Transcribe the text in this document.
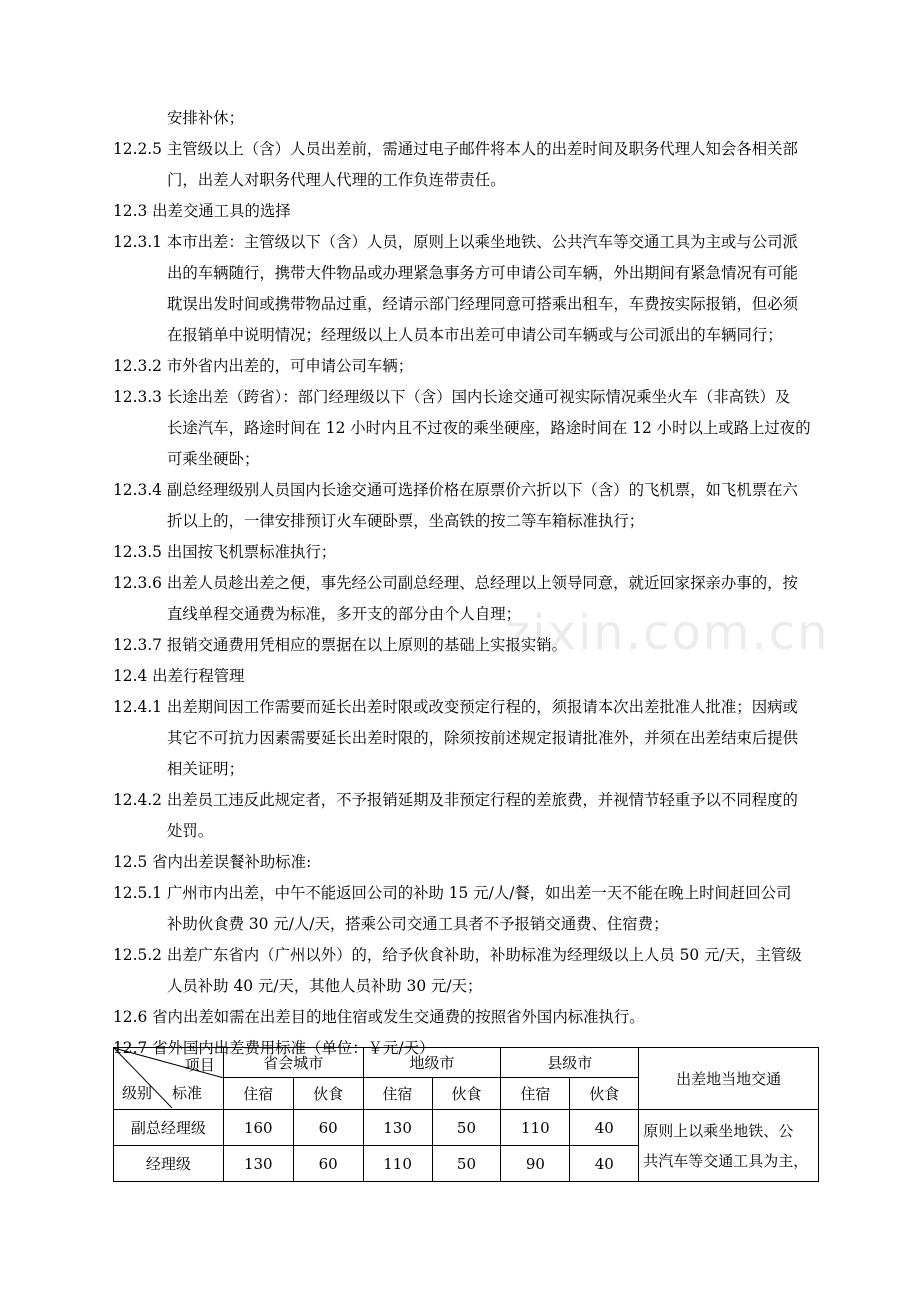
zixin.com.cn
安排补休；
12.2.5 主管级以上（含）人员出差前，需通过电子邮件将本人的出差时间及职务代理人知会各相关部
门，出差人对职务代理人代理的工作负连带责任。
12.3 出差交通工具的选择
12.3.1 本市出差：主管级以下（含）人员，原则上以乘坐地铁、公共汽车等交通工具为主或与公司派
出的车辆随行，携带大件物品或办理紧急事务方可申请公司车辆，外出期间有紧急情况有可能
耽误出发时间或携带物品过重，经请示部门经理同意可搭乘出租车，车费按实际报销，但必须
在报销单中说明情况；经理级以上人员本市出差可申请公司车辆或与公司派出的车辆同行；
12.3.2 市外省内出差的，可申请公司车辆；
12.3.3 长途出差（跨省）：部门经理级以下（含）国内长途交通可视实际情况乘坐火车（非高铁）及
长途汽车，路途时间在 12 小时内且不过夜的乘坐硬座，路途时间在 12 小时以上或路上过夜的
可乘坐硬卧；
12.3.4 副总经理级别人员国内长途交通可选择价格在原票价六折以下（含）的飞机票，如飞机票在六
折以上的，一律安排预订火车硬卧票，坐高铁的按二等车箱标准执行；
12.3.5 出国按飞机票标准执行；
12.3.6 出差人员趁出差之便，事先经公司副总经理、总经理以上领导同意，就近回家探亲办事的，按
直线单程交通费为标准，多开支的部分由个人自理；
12.3.7 报销交通费用凭相应的票据在以上原则的基础上实报实销。
12.4 出差行程管理
12.4.1 出差期间因工作需要而延长出差时限或改变预定行程的，须报请本次出差批准人批准；因病或
其它不可抗力因素需要延长出差时限的，除须按前述规定报请批准外，并须在出差结束后提供
相关证明；
12.4.2 出差员工违反此规定者，不予报销延期及非预定行程的差旅费，并视情节轻重予以不同程度的
处罚。
12.5 省内出差误餐补助标准:
12.5.1 广州市内出差，中午不能返回公司的补助 15 元/人/餐，如出差一天不能在晚上时间赶回公司
补助伙食费 30 元/人/天，搭乘公司交通工具者不予报销交通费、住宿费；
12.5.2 出差广东省内（广州以外）的，给予伙食补助，补助标准为经理级以上人员 50 元/天，主管级
人员补助 40 元/天，其他人员补助 30 元/天；
12.6 省内出差如需在出差目的地住宿或发生交通费的按照省外国内标准执行。
12.7 省外国内出差费用标准（单位：￥元/天）
项目
级别 标准	省会城市		地级市		县级市		出差地当地交通
	住宿	伙食	住宿	伙食	住宿	伙食	
副总经理级	160	60	130	50	110	40	原则上以乘坐地铁、公
共汽车等交通工具为主，
经理级	130	60	110	50	90	40	
